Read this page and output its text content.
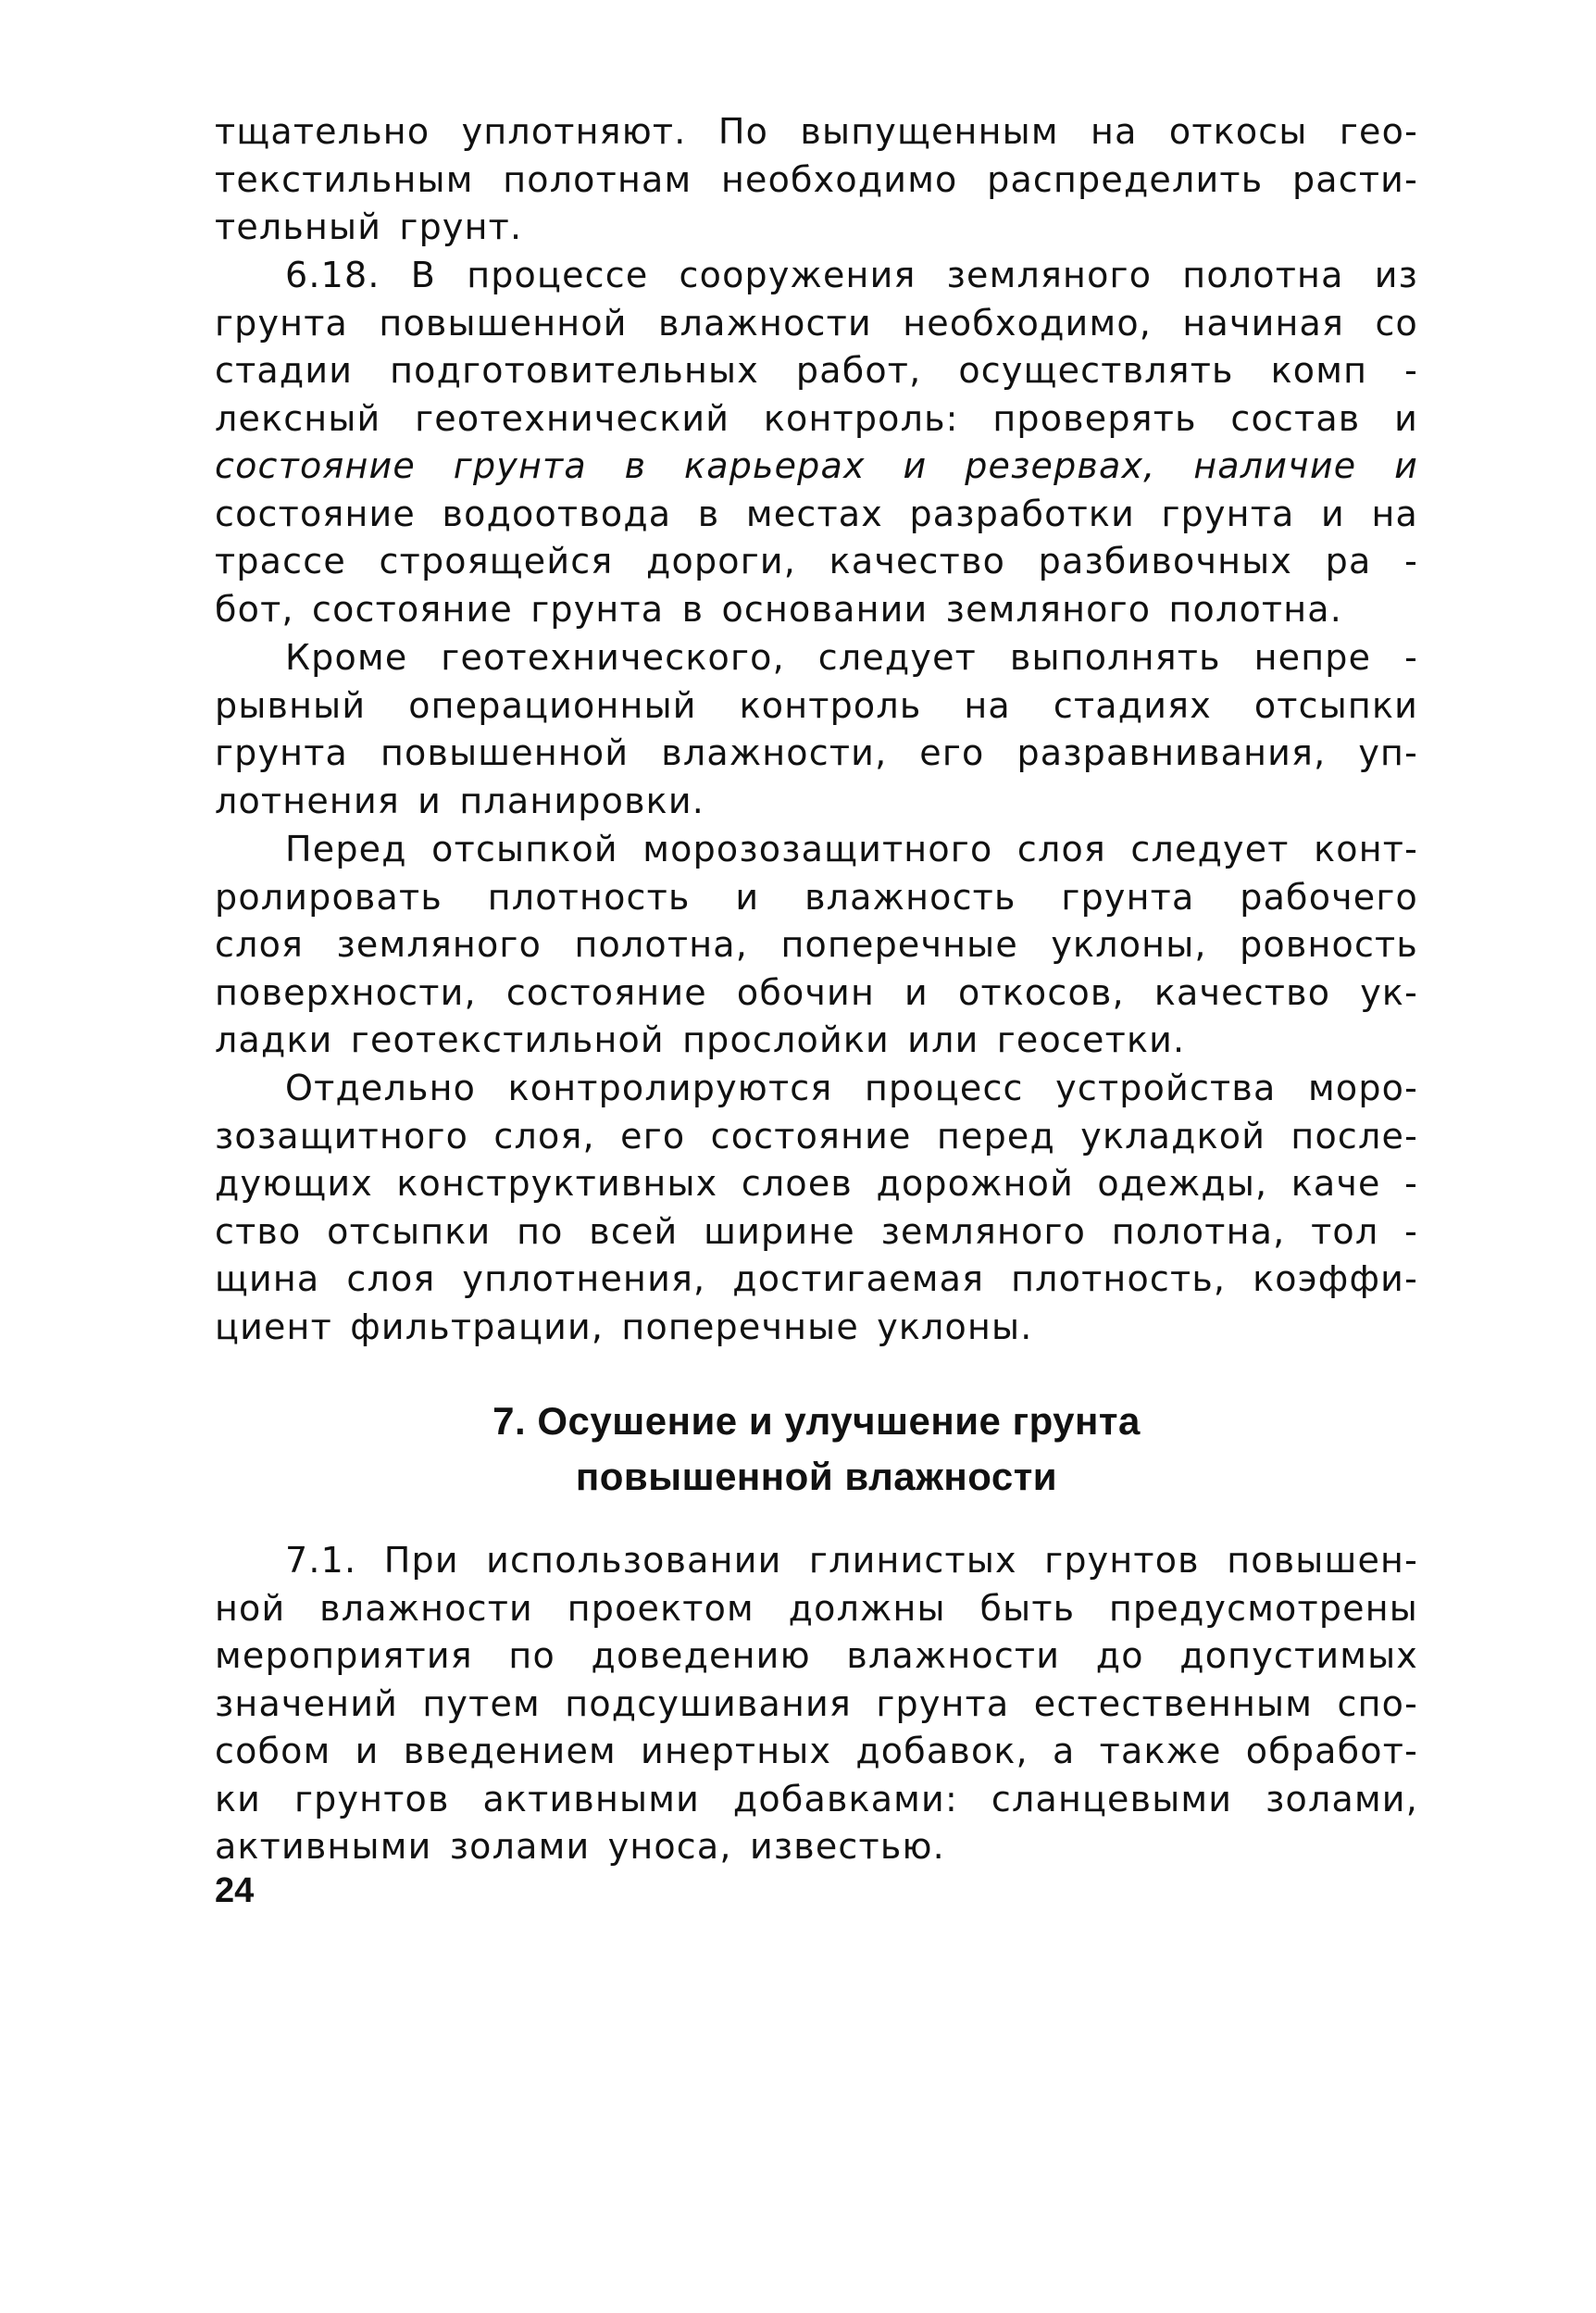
тщательно уплотняют. По выпущенным на откосы гео-
текстильным полотнам необходимо распределить расти-
тельный грунт.
6.18. В процессе сооружения земляного полотна из
грунта повышенной влажности необходимо, начиная со
стадии подготовительных работ, осуществлять комп -
лексный геотехнический контроль: проверять состав и
состояние грунта в карьерах и резервах, наличие и
состояние водоотвода в местах разработки грунта и на
трассе строящейся дороги, качество разбивочных ра -
бот, состояние грунта в основании земляного полотна.
Кроме геотехнического, следует выполнять непре -
рывный операционный контроль на стадиях отсыпки
грунта повышенной влажности, его разравнивания, уп-
лотнения и планировки.
Перед отсыпкой морозозащитного слоя следует конт-
ролировать плотность и влажность грунта рабочего
слоя земляного полотна, поперечные уклоны, ровность
поверхности, состояние обочин и откосов, качество ук-
ладки геотекстильной прослойки или геосетки.
Отдельно контролируются процесс устройства моро-
зозащитного слоя, его состояние перед укладкой после-
дующих конструктивных слоев дорожной одежды, каче -
ство отсыпки по всей ширине земляного полотна, тол -
щина слоя уплотнения, достигаемая плотность, коэффи-
циент фильтрации, поперечные уклоны.
7. Осушение и улучшение грунта
повышенной влажности
7.1. При использовании глинистых грунтов повышен-
ной влажности проектом должны быть предусмотрены
мероприятия по доведению влажности до допустимых
значений путем подсушивания грунта естественным спо-
собом и введением инертных добавок, а также обработ-
ки грунтов активными добавками: сланцевыми золами,
активными золами уноса, известью.
24
